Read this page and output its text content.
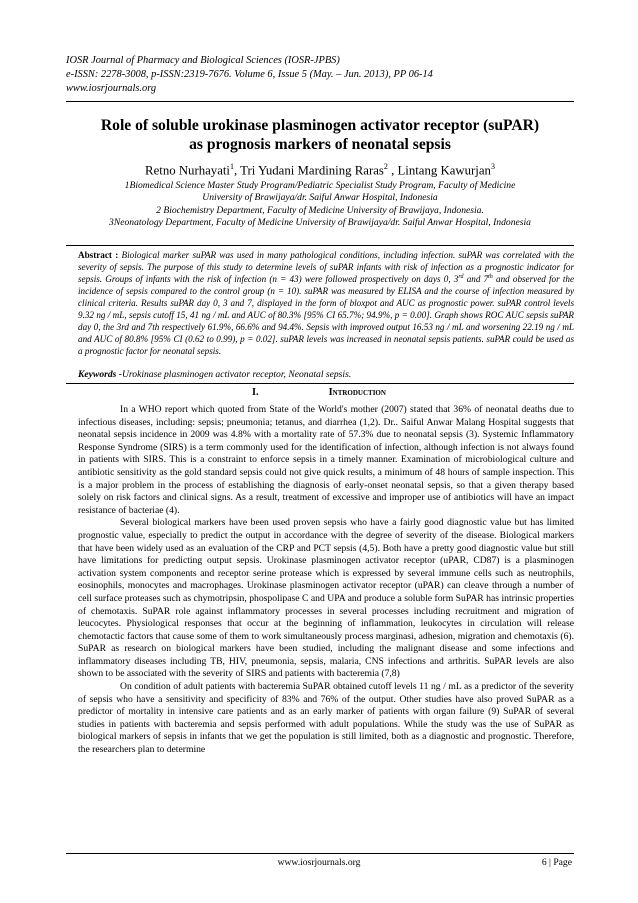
IOSR Journal of Pharmacy and Biological Sciences (IOSR-JPBS)
e-ISSN: 2278-3008, p-ISSN:2319-7676. Volume 6, Issue 5 (May. – Jun. 2013), PP 06-14
www.iosrjournals.org
Role of soluble urokinase plasminogen activator receptor (suPAR)
as prognosis markers of neonatal sepsis
Retno Nurhayati$^1$, Tri Yudani Mardining Raras$^2$ , Lintang Kawurjan$^3$
1Biomedical Science Master Study Program/Pediatric Specialist Study Program, Faculty of Medicine
University of Brawijaya/dr. Saiful Anwar Hospital, Indonesia
2 Biochemistry Department, Faculty of Medicine University of Brawijaya, Indonesia.
3Neonatology Department, Faculty of Medicine University of Brawijaya/dr. Saiful Anwar Hospital, Indonesia
Abstract : Biological marker suPAR was used in many pathological conditions, including infection. suPAR was correlated with the severity of sepsis. The purpose of this study to determine levels of suPAR infants with risk of infection as a prognostic indicator for sepsis. Groups of infants with the risk of infection (n = 43) were followed prospectively on days 0, 3rd and 7th and observed for the incidence of sepsis compared to the control group (n = 10). suPAR was measured by ELISA and the course of infection measured by clinical criteria. Results suPAR day 0, 3 and 7, displayed in the form of bloxpot and AUC as prognostic power. suPAR control levels 9.32 ng / mL, sepsis cutoff 15, 41 ng / mL and AUC of 80.3% [95% CI 65.7%; 94.9%, p = 0.00]. Graph shows ROC AUC sepsis suPAR day 0, the 3rd and 7th respectively 61.9%, 66.6% and 94.4%. Sepsis with improved output 16.53 ng / mL and worsening 22.19 ng / mL and AUC of 80.8% [95% CI (0.62 to 0.99), p = 0.02]. suPAR levels was increased in neonatal sepsis patients. suPAR could be used as a prognostic factor for neonatal sepsis.
Keywords -Urokinase plasminogen activator receptor, Neonatal sepsis.
I.	Introduction

In a WHO report which quoted from State of the World's mother (2007) stated that 36% of neonatal deaths due to infectious diseases, including: sepsis; pneumonia; tetanus, and diarrhea (1,2). Dr.. Saiful Anwar Malang Hospital suggests that neonatal sepsis incidence in 2009 was 4.8% with a mortality rate of 57.3% due to neonatal sepsis (3). Systemic Inflammatory Response Syndrome (SIRS) is a term commonly used for the identification of infection, although infection is not always found in patients with SIRS. This is a constraint to enforce sepsis in a timely manner. Examination of microbiological culture and antibiotic sensitivity as the gold standard sepsis could not give quick results, a minimum of 48 hours of sample inspection. This is a major problem in the process of establishing the diagnosis of early-onset neonatal sepsis, so that a given therapy based solely on risk factors and clinical signs. As a result, treatment of excessive and improper use of antibiotics will have an impact resistance of bacteriae (4).

Several biological markers have been used proven sepsis who have a fairly good diagnostic value but has limited prognostic value, especially to predict the output in accordance with the degree of severity of the disease. Biological markers that have been widely used as an evaluation of the CRP and PCT sepsis (4,5). Both have a pretty good diagnostic value but still have limitations for predicting output sepsis. Urokinase plasminogen activator receptor (uPAR, CD87) is a plasminogen activation system components and receptor serine protease which is expressed by several immune cells such as neutrophils, eosinophils, monocytes and macrophages. Urokinase plasminogen activator receptor (uPAR) can cleave through a number of cell surface proteases such as chymotripsin, phospolipase C and UPA and produce a soluble form SuPAR has intrinsic properties of chemotaxis. SuPAR role against inflammatory processes in several processes including recruitment and migration of leucocytes. Physiological responses that occur at the beginning of inflammation, leukocytes in circulation will release chemotactic factors that cause some of them to work simultaneously process marginasi, adhesion, migration and chemotaxis (6). SuPAR as research on biological markers have been studied, including the malignant disease and some infections and inflammatory diseases including TB, HIV, pneumonia, sepsis, malaria, CNS infections and arthritis. SuPAR levels are also shown to be associated with the severity of SIRS and patients with bacteremia (7,8)

On condition of adult patients with bacteremia SuPAR obtained cutoff levels 11 ng / mL as a predictor of the severity of sepsis who have a sensitivity and specificity of 83% and 76% of the output. Other studies have also proved SuPAR as a predictor of mortality in intensive care patients and as an early marker of patients with organ failure (9) SuPAR of several studies in patients with bacteremia and sepsis performed with adult populations. While the study was the use of SuPAR as biological markers of sepsis in infants that we get the population is still limited, both as a diagnostic and prognostic. Therefore, the researchers plan to determine

www.iosrjournals.org	6 | Page
